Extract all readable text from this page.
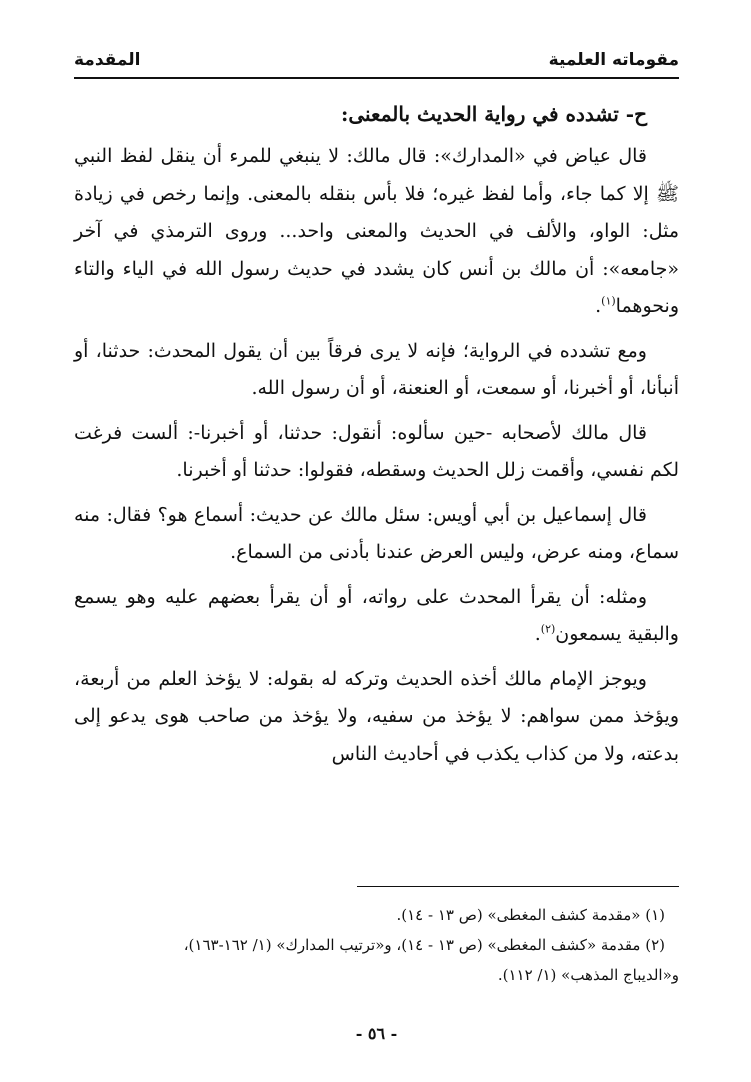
مقوماته العلمية
المقدمة
ح- تشدده في رواية الحديث بالمعنى:

قال عياض في «المدارك»: قال مالك: لا ينبغي للمرء أن ينقل لفظ النبي ﷺ إلا كما جاء، وأما لفظ غيره؛ فلا بأس بنقله بالمعنى. وإنما رخص في زيادة مثل: الواو، والألف في الحديث والمعنى واحد... وروى الترمذي في آخر «جامعه»: أن مالك بن أنس كان يشدد في حديث رسول الله في الياء والتاء ونحوهما$^{(١)}$.

ومع تشدده في الرواية؛ فإنه لا يرى فرقاً بين أن يقول المحدث: حدثنا، أو أنبأنا، أو أخبرنا، أو سمعت، أو العنعنة، أو أن رسول الله.

قال مالك لأصحابه -حين سألوه: أنقول: حدثنا، أو أخبرنا-: ألست فرغت لكم نفسي، وأقمت زلل الحديث وسقطه، فقولوا: حدثنا أو أخبرنا.

قال إسماعيل بن أبي أويس: سئل مالك عن حديث: أسماع هو؟ فقال: منه سماع، ومنه عرض، وليس العرض عندنا بأدنى من السماع.

ومثله: أن يقرأ المحدث على رواته، أو أن يقرأ بعضهم عليه وهو يسمع والبقية يسمعون$^{(٢)}$.

ويوجز الإمام مالك أخذه الحديث وتركه له بقوله: لا يؤخذ العلم من أربعة، ويؤخذ ممن سواهم: لا يؤخذ من سفيه، ولا يؤخذ من صاحب هوى يدعو إلى بدعته، ولا من كذاب يكذب في أحاديث الناس

(١) «مقدمة كشف المغطى» (ص ١٣ - ١٤).

(٢) مقدمة «كشف المغطى» (ص ١٣ - ١٤)، و«ترتيب المدارك» (١/ ١٦٢-١٦٣)،

و«الديباج المذهب» (١/ ١١٢).

- ٥٦ -
